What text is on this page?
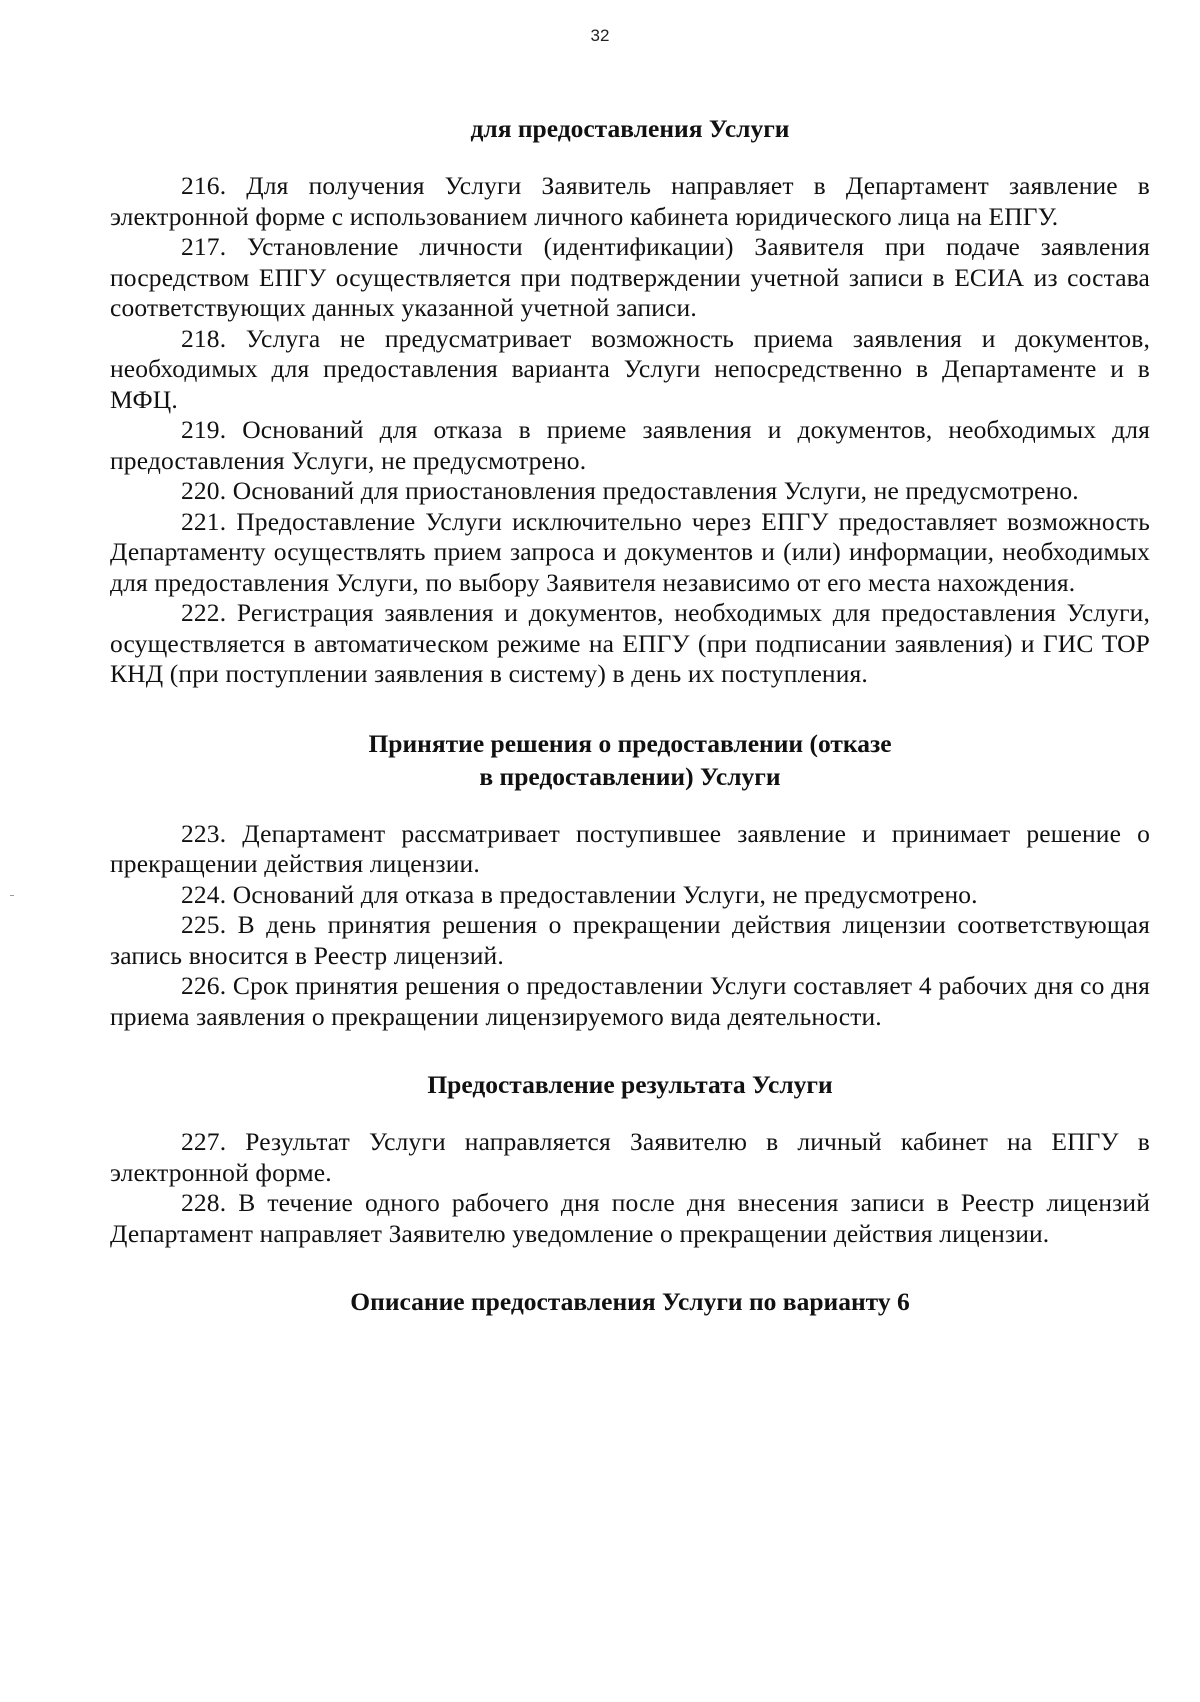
32

для предоставления Услуги

216. Для получения Услуги Заявитель направляет в Департамент заявление в электронной форме с использованием личного кабинета юридического лица на ЕПГУ.

217. Установление личности (идентификации) Заявителя при подаче заявления посредством ЕПГУ осуществляется при подтверждении учетной записи в ЕСИА из состава соответствующих данных указанной учетной записи.

218. Услуга не предусматривает возможность приема заявления и документов, необходимых для предоставления варианта Услуги непосредственно в Департаменте и в МФЦ.

219. Оснований для отказа в приеме заявления и документов, необходимых для предоставления Услуги, не предусмотрено.

220. Оснований для приостановления предоставления Услуги, не предусмотрено.

221. Предоставление Услуги исключительно через ЕПГУ предоставляет возможность Департаменту осуществлять прием запроса и документов и (или) информации, необходимых для предоставления Услуги, по выбору Заявителя независимо от его места нахождения.

222. Регистрация заявления и документов, необходимых для предоставления Услуги, осуществляется в автоматическом режиме на ЕПГУ (при подписании заявления) и ГИС ТОР КНД (при поступлении заявления в систему) в день их поступления.

Принятие решения о предоставлении (отказе

в предоставлении) Услуги

223. Департамент рассматривает поступившее заявление и принимает решение о прекращении действия лицензии.

224. Оснований для отказа в предоставлении Услуги, не предусмотрено.

225. В день принятия решения о прекращении действия лицензии соответствующая запись вносится в Реестр лицензий.

226. Срок принятия решения о предоставлении Услуги составляет 4 рабочих дня со дня приема заявления о прекращении лицензируемого вида деятельности.

Предоставление результата Услуги

227. Результат Услуги направляется Заявителю в личный кабинет на ЕПГУ в электронной форме.

228. В течение одного рабочего дня после дня внесения записи в Реестр лицензий Департамент направляет Заявителю уведомление о прекращении действия лицензии.

Описание предоставления Услуги по варианту 6
